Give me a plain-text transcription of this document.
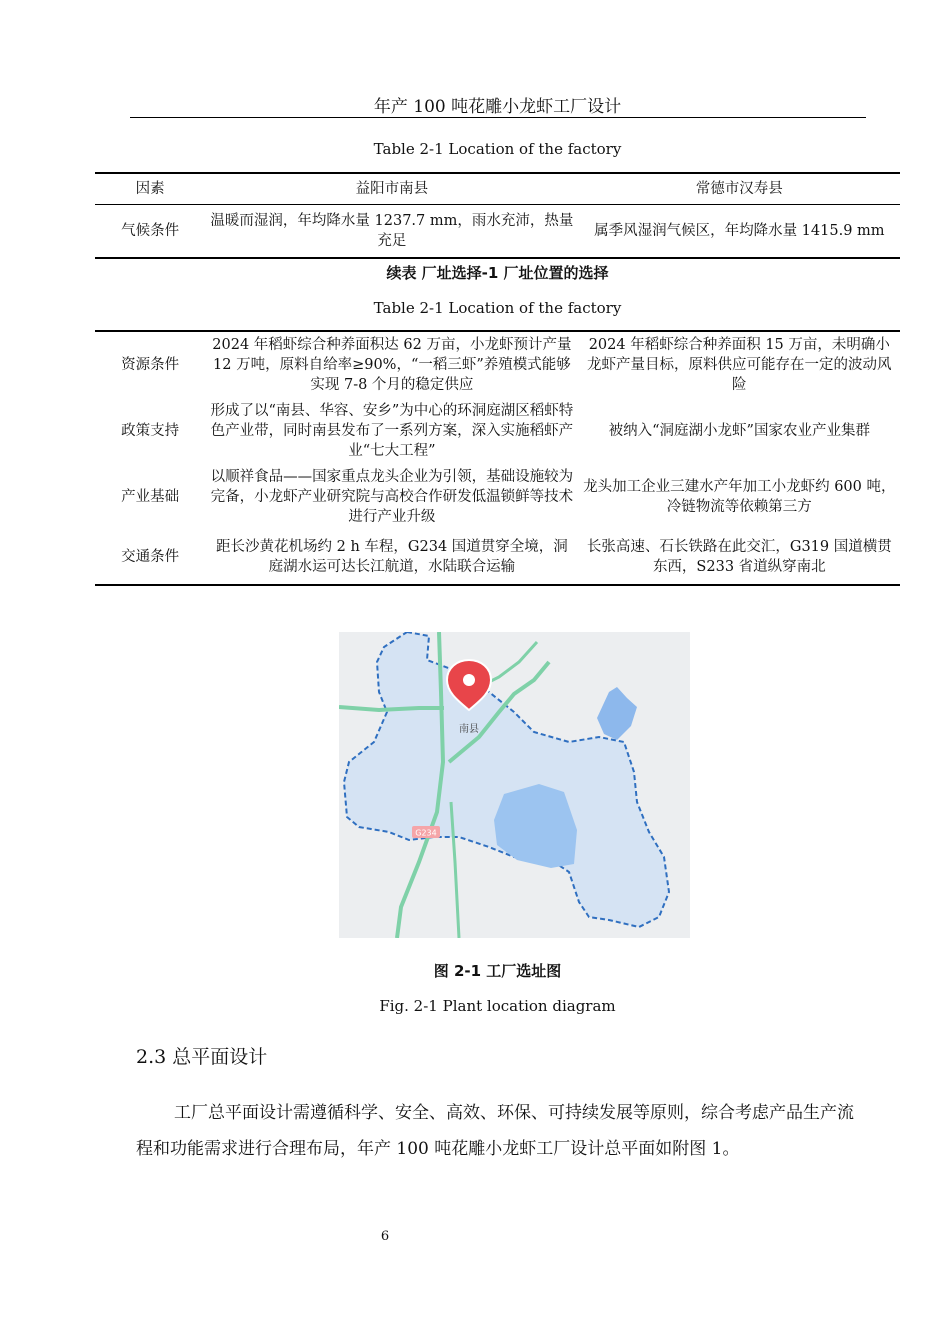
年产 100 吨花雕小龙虾工厂设计
Table 2-1 Location of the factory
因素	益阳市南县	常德市汉寿县
气候条件	温暖而湿润，年均降水量 1237.7 mm，雨水充沛，热量充足	属季风湿润气候区，年均降水量 1415.9 mm
续表 厂址选择-1 厂址位置的选择
Table 2-1 Location of the factory
资源条件	2024 年稻虾综合种养面积达 62 万亩，小龙虾预计产量 12 万吨，原料自给率≥90%，“一稻三虾”养殖模式能够实现 7-8 个月的稳定供应	2024 年稻虾综合种养面积 15 万亩，未明确小龙虾产量目标，原料供应可能存在一定的波动风险
政策支持	形成了以“南县、华容、安乡”为中心的环洞庭湖区稻虾特色产业带，同时南县发布了一系列方案，深入实施稻虾产业“七大工程”	被纳入“洞庭湖小龙虾”国家农业产业集群
产业基础	以顺祥食品——国家重点龙头企业为引领，基础设施较为完备，小龙虾产业研究院与高校合作研发低温锁鲜等技术进行产业升级	龙头加工企业三建水产年加工小龙虾约 600 吨，冷链物流等依赖第三方
交通条件	距长沙黄花机场约 2 h 车程，G234 国道贯穿全境，洞庭湖水运可达长江航道，水陆联合运输	长张高速、石长铁路在此交汇，G319 国道横贯东西，S233 省道纵穿南北
G234
南县
图 2-1 工厂选址图
Fig. 2-1 Plant location diagram
2.3 总平面设计
工厂总平面设计需遵循科学、安全、高效、环保、可持续发展等原则，综合考虑产品生产流程和功能需求进行合理布局，年产 100 吨花雕小龙虾工厂设计总平面如附图 1。
6
